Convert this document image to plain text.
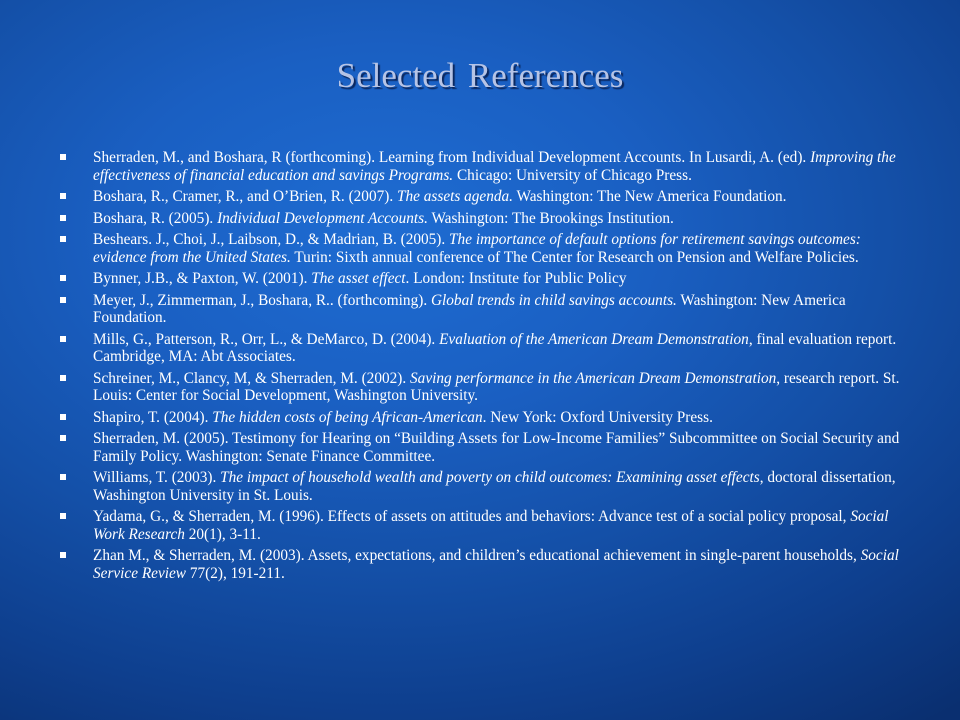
Selected References
Sherraden, M., and Boshara, R (forthcoming). Learning from Individual Development Accounts. In Lusardi, A. (ed). Improving the effectiveness of financial education and savings Programs. Chicago: University of Chicago Press.
Boshara, R., Cramer, R., and O’Brien, R. (2007). The assets agenda. Washington: The New America Foundation.
Boshara, R. (2005). Individual Development Accounts. Washington: The Brookings Institution.
Beshears. J., Choi, J., Laibson, D., & Madrian, B. (2005). The importance of default options for retirement savings outcomes: evidence from the United States. Turin: Sixth annual conference of The Center for Research on Pension and Welfare Policies.
Bynner, J.B., & Paxton, W. (2001). The asset effect. London: Institute for Public Policy
Meyer, J., Zimmerman, J., Boshara, R.. (forthcoming). Global trends in child savings accounts. Washington: New America Foundation.
Mills, G., Patterson, R., Orr, L., & DeMarco, D. (2004). Evaluation of the American Dream Demonstration, final evaluation report. Cambridge, MA: Abt Associates.
Schreiner, M., Clancy, M, & Sherraden, M. (2002). Saving performance in the American Dream Demonstration, research report. St. Louis: Center for Social Development, Washington University.
Shapiro, T. (2004). The hidden costs of being African-American. New York: Oxford University Press.
Sherraden, M. (2005). Testimony for Hearing on “Building Assets for Low-Income Families” Subcommittee on Social Security and Family Policy. Washington: Senate Finance Committee.
Williams, T. (2003). The impact of household wealth and poverty on child outcomes: Examining asset effects, doctoral dissertation, Washington University in St. Louis.
Yadama, G., & Sherraden, M. (1996). Effects of assets on attitudes and behaviors: Advance test of a social policy proposal, Social Work Research 20(1), 3-11.
Zhan M., & Sherraden, M. (2003). Assets, expectations, and children’s educational achievement in single-parent households, Social Service Review 77(2), 191-211.
